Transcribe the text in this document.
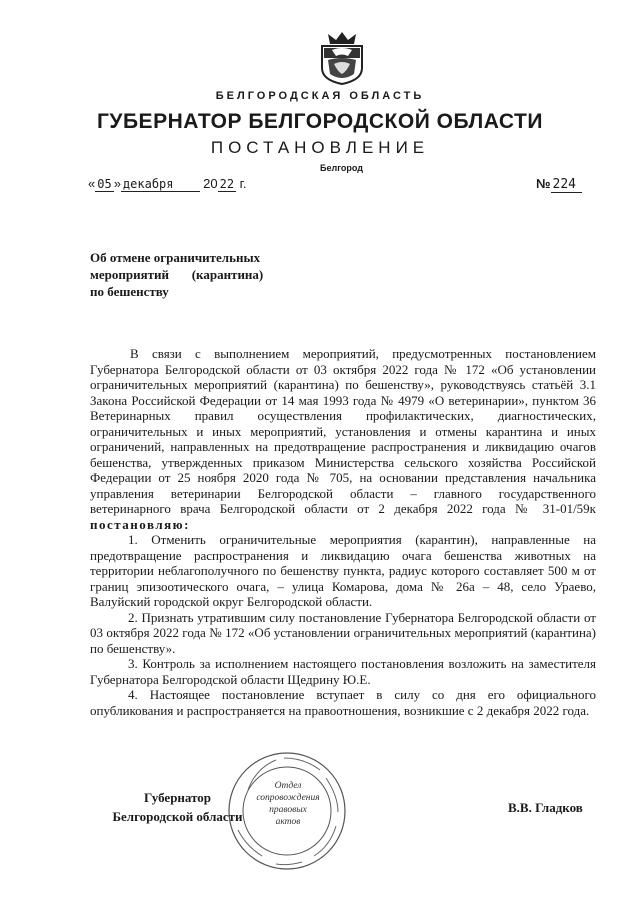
БЕЛГОРОДСКАЯ ОБЛАСТЬ
ГУБЕРНАТОР БЕЛГОРОДСКОЙ ОБЛАСТИ
ПОСТАНОВЛЕНИЕ
Белгород
« 05 » декабря 20 22 г.	№ 224
Об отмене ограничительных
мероприятий       (карантина)
по бешенству

В связи с выполнением мероприятий, предусмотренных постановлением Губернатора Белгородской области от 03 октября 2022 года № 172 «Об установлении ограничительных мероприятий (карантина) по бешенству», руководствуясь статьёй 3.1 Закона Российской Федерации от 14 мая 1993 года № 4979 «О ветеринарии», пунктом 36 Ветеринарных правил осуществления профилактических, диагностических, ограничительных и иных мероприятий, установления и отмены карантина и иных ограничений, направленных на предотвращение распространения и ликвидацию очагов бешенства, утвержденных приказом Министерства сельского хозяйства Российской Федерации от 25 ноября 2020 года № 705, на основании представления начальника управления ветеринарии Белгородской области – главного государственного ветеринарного врача Белгородской области от 2 декабря 2022 года № 31-01/59к постановляю:

1. Отменить ограничительные мероприятия (карантин), направленные на предотвращение распространения и ликвидацию очага бешенства животных на территории неблагополучного по бешенству пункта, радиус которого составляет 500 м от границ эпизоотического очага, – улица Комарова, дома № 26а – 48, село Ураево, Валуйский городской округ Белгородской области.

2. Признать утратившим силу постановление Губернатора Белгородской области от 03 октября 2022 года № 172 «Об установлении ограничительных мероприятий (карантина) по бешенству».

3. Контроль за исполнением настоящего постановления возложить на заместителя Губернатора Белгородской области Щедрину Ю.Е.

4. Настоящее постановление вступает в силу со дня его официального опубликования и распространяется на правоотношения, возникшие с 2 декабря 2022 года.

Отдел
сопровождения
правовых
актов
Губернатор
Белгородской области
В.В. Гладков
